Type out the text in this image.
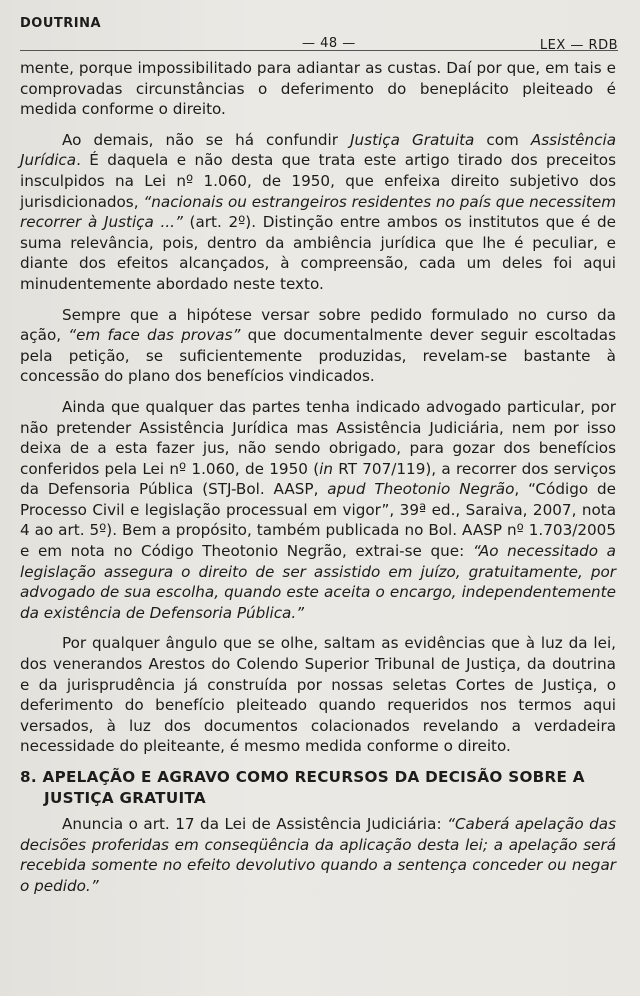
DOUTRINA
— 48 —	LEX — RDB

mente, porque impossibilitado para adiantar as custas. Daí por que, em tais e comprovadas circunstâncias o deferimento do beneplácito pleiteado é medida conforme o direito.

Ao demais, não se há confundir Justiça Gratuita com Assistência Jurídica. É daquela e não desta que trata este artigo tirado dos preceitos insculpidos na Lei nº 1.060, de 1950, que enfeixa direito subjetivo dos jurisdicionados, “nacionais ou estrangeiros residentes no país que necessitem recorrer à Justiça ...” (art. 2º). Distinção entre ambos os institutos que é de suma relevância, pois, dentro da ambiência jurídica que lhe é peculiar, e diante dos efeitos alcançados, à compreensão, cada um deles foi aqui minudentemente abordado neste texto.

Sempre que a hipótese versar sobre pedido formulado no curso da ação, “em face das provas” que documentalmente dever seguir escoltadas pela petição, se suficientemente produzidas, revelam-se bastante à concessão do plano dos benefícios vindicados.

Ainda que qualquer das partes tenha indicado advogado particular, por não pretender Assistência Jurídica mas Assistência Judiciária, nem por isso deixa de a esta fazer jus, não sendo obrigado, para gozar dos benefícios conferidos pela Lei nº 1.060, de 1950 (in RT 707/119), a recorrer dos serviços da Defensoria Pública (STJ-Bol. AASP, apud Theotonio Negrão, “Código de Processo Civil e legislação processual em vigor”, 39ª ed., Saraiva, 2007, nota 4 ao art. 5º). Bem a propósito, também publicada no Bol. AASP nº 1.703/2005 e em nota no Código Theotonio Negrão, extrai-se que: “Ao necessitado a legislação assegura o direito de ser assistido em juízo, gratuitamente, por advogado de sua escolha, quando este aceita o encargo, independentemente da existência de Defensoria Pública.”

Por qualquer ângulo que se olhe, saltam as evidências que à luz da lei, dos venerandos Arestos do Colendo Superior Tribunal de Justiça, da doutrina e da jurisprudência já construída por nossas seletas Cortes de Justiça, o deferimento do benefício pleiteado quando requeridos nos termos aqui versados, à luz dos documentos colacionados revelando a verdadeira necessidade do pleiteante, é mesmo medida conforme o direito.

8. APELAÇÃO E AGRAVO COMO RECURSOS DA DECISÃO SOBRE A JUSTIÇA GRATUITA

Anuncia o art. 17 da Lei de Assistência Judiciária: “Caberá apelação das decisões proferidas em conseqüência da aplicação desta lei; a apelação será recebida somente no efeito devolutivo quando a sentença conceder ou negar o pedido.”
